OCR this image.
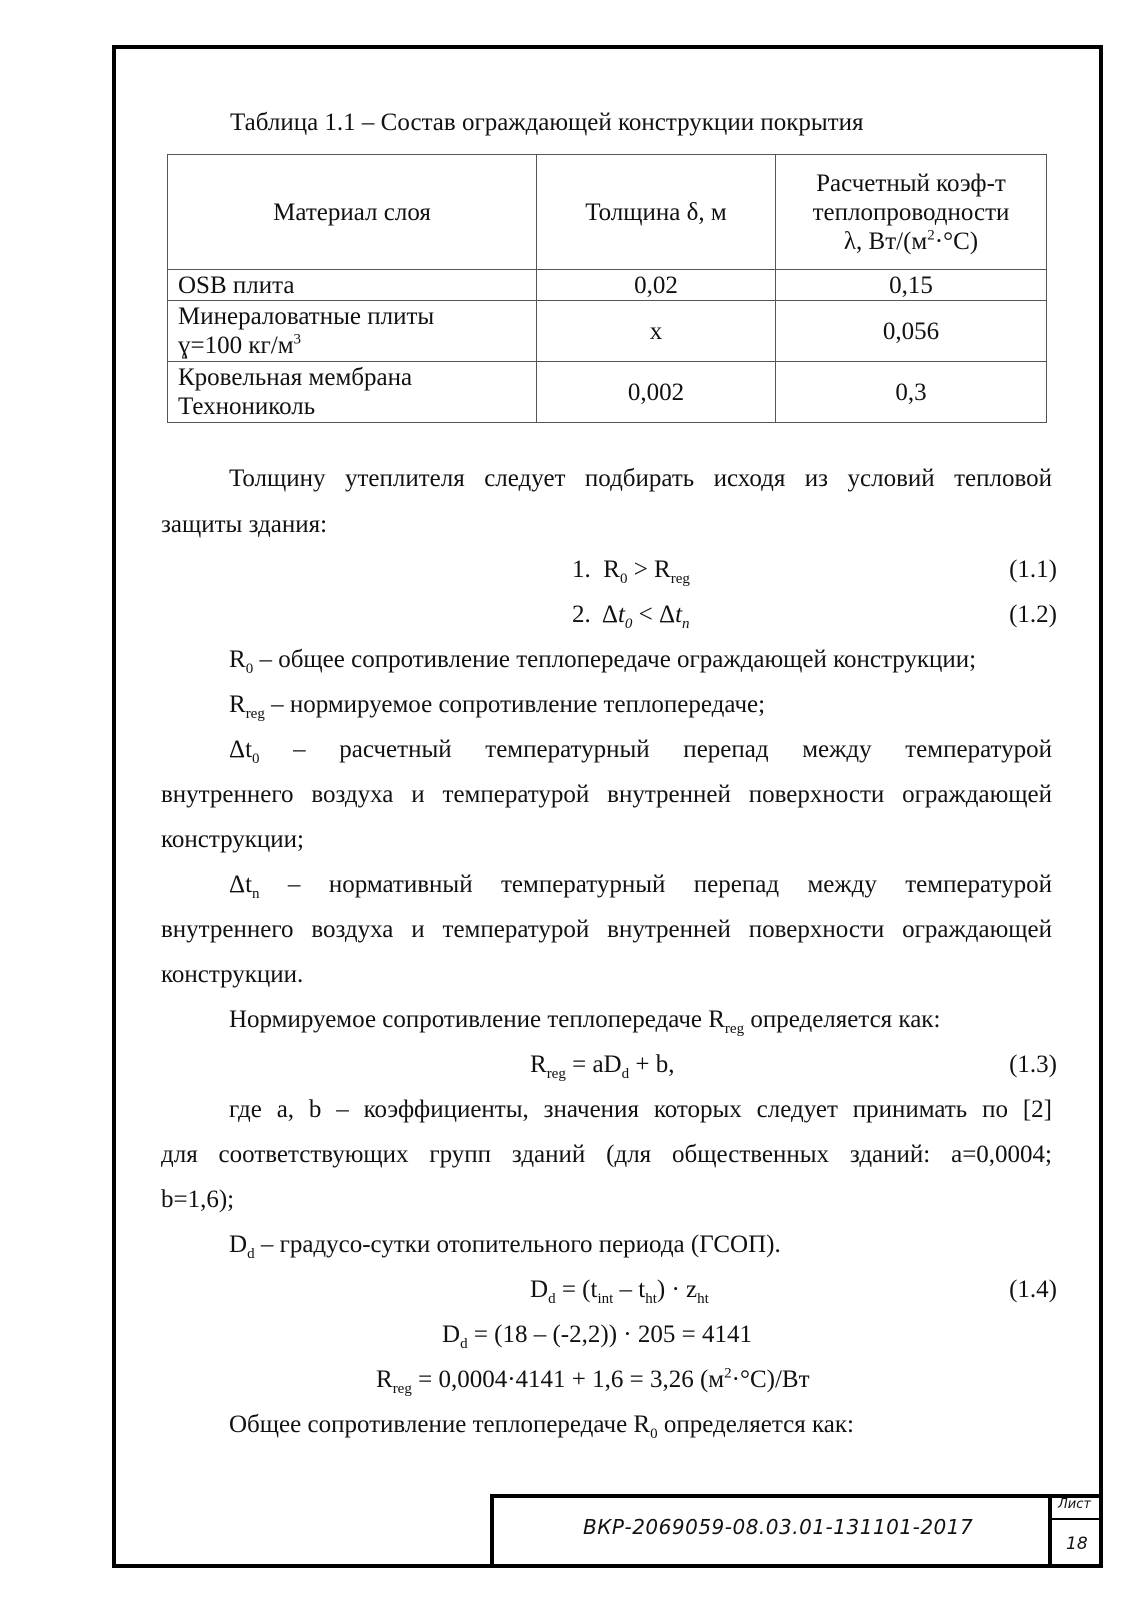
Таблица 1.1 – Состав ограждающей конструкции покрытия
Материал слоя	Толщина δ, м	Расчетный коэф-т
теплопроводности
λ, $Вт/(м^2\cdot^\circ С)$
OSB плита	0,02	0,15
Минераловатные плиты
ɣ=100 $кг/м^3$	х	0,056
Кровельная мембрана
Технониколь	0,002	0,3
Толщину утеплителя следует подбирать исходя из условий тепловой
защиты здания:
1. $R_0 > R_{reg}$	(1.1)
2. $\Delta t_0 < \Delta t_n$	(1.2)
$R_0$ – общее сопротивление теплопередаче ограждающей конструкции;
$R_{reg}$ – нормируемое сопротивление теплопередаче;
$\Delta t_0$ – расчетный температурный перепад между температурой
внутреннего воздуха и температурой внутренней поверхности ограждающей
конструкции;
$\Delta t_n$ – нормативный температурный перепад между температурой
внутреннего воздуха и температурой внутренней поверхности ограждающей
конструкции.
Нормируемое сопротивление теплопередаче $R_{reg}$ определяется как:
$R_{reg} = aD_d + b$,	(1.3)
где a, b – коэффициенты, значения которых следует принимать по [2]
для соответствующих групп зданий (для общественных зданий: a=0,0004;
b=1,6);
$D_d$ – градусо-сутки отопительного периода (ГСОП).
$D_d = (t_{int} - t_{ht}) \cdot z_{ht}$	(1.4)
$D_d = (18 - (-2,2)) \cdot 205 = 4141$
$R_{reg} = 0,0004\cdot 4141 + 1,6 = 3,26$ $(м^2\cdot^\circ С)/Вт$
Общее сопротивление теплопередаче $R_0$ определяется как:
ВКР-2069059-08.03.01-131101-2017
Лист
18
